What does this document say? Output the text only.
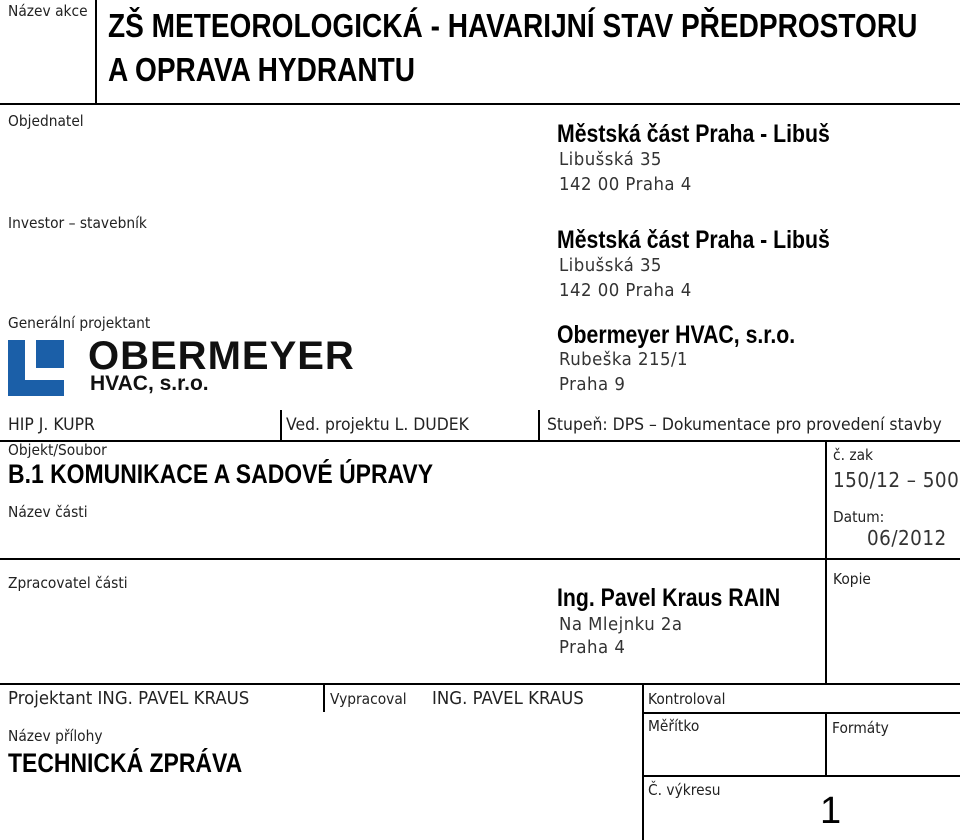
Název akce ZŠ METEOROLOGICKÁ - HAVARIJNÍ STAV PŘEDPROSTORU
A OPRAVA HYDRANTU
Objednatel	Městská část Praha - Libuš
Libušská 35
142 00 Praha 4
Investor – stavebník
Městská část Praha - Libuš
Libušská 35
142 00 Praha 4
Generální projektant
OBERMEYER
HVAC, s.r.o.
Obermeyer HVAC, s.r.o.
Rubeška 215/1
Praha 9
HIP J. KUPR	Ved. projektu L. DUDEK	Stupeň: DPS – Dokumentace pro provedení stavby
Objekt/Soubor
B.1 KOMUNIKACE A SADOVÉ ÚPRAVY
Název části
č. zak
150/12 – 500
Datum:
06/2012
Zpracovatel části
Ing. Pavel Kraus RAIN
Na Mlejnku 2a
Praha 4
Kopie
Projektant ING. PAVEL KRAUS	Vypracoval ING. PAVEL KRAUS	Kontroloval
Název přílohy
TECHNICKÁ ZPRÁVA
Měřítko	Formáty
Č. výkresu	1
